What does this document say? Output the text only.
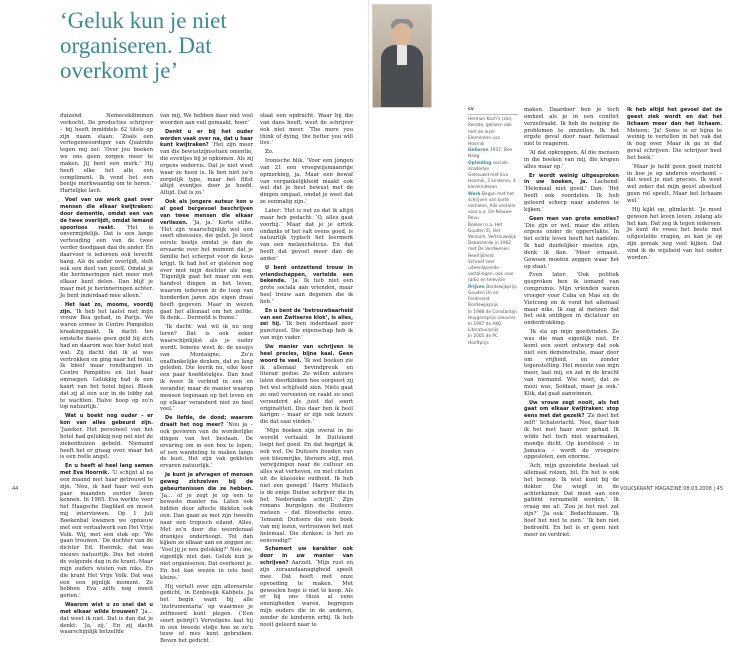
‘Geluk kun je niet organiseren. Dat overkomt je’

duizend Nemecekdimmen verkocht. De producties schrijver – bij heeft inmiddels 62 titels op zijn naam staan: ‘Zoals een vertegenwoordiger van Quatrido tegen mij zei: ‘Over jou boeken we ons geen zorgen meer te maken. Jij bent een merk.’ Hij heeft elke het alle een compliment. Ik vond het een beetje merkwaardig om te horen.’ Hartelijke lach.

Voel van uw werk gaat over mensen die elkaar kwijtraken: door dementie, omdat een van de twee overlijdt, omdat iemand spoorloos raakt. ‘Het is onvermijdelijk. Dat is een lange verhouding een van de twee verder doodgaan dan de ander. En daarvoor is iedereen ook terecht bang. Als de ander overlijdt, stelt ook een deel van jezelf. Omdat je die herinneringen niet meer met elkaar kunt delen. Dan blijf je maar met je herinneringen achter. Je bent inderdaad mee alleen.’

Het laat zo, mooms, voordij zijn. ‘Ik heb het laatst met mijn vrouw Bea gehad, in Parijs. We waren ermee in Centre Pompidou kraakinggaakt. Ik dacht ten omstelte daeos geen geld bij zich had en daarom was hier hotel niet wat. Zij dacht dat ik al was vertrokken en ging naar het hotel. Ik bleef maar rondhangen in Centre Pompidou en liet haar omroepen. Gelukkig had ik een kaart van het hotel bijzei. Bleek dat zij al een uur in de lobby zat te wachten. Halve hoop op zo’n lop natuurlijk.’

Wat u boekt nog ouder – er kon van alles gebeurd zijn. ‘Jazeker. Het personeel van het hotel had gelukkig nog net niet de ziekenhuizen gebeld. Niemand heeft het er graag over, maar het is een reële angst.’

En u heeft al heel lang samen met Eva Hoornik. ‘U schijnt al na een maand met haar getrouwd te zijn. ‘Nou, ik had haar wel een paar maanden eerder leren kennen. In 1965. Eva werkte voor het Haagsche Dagblad en moest mij interviewen. Op 1 juli Boekenbal kwamen we opnieuw met een vertaalwerk van Het Vrije Volk. Wij, met een stok op: ‘We gaan trouwen.’ De dochter van de dichter Ed. Hoornik; dat was nieuws natuurlijk. Dus het stond de volgende dag in de krant. Maar mijn ouders wisten van niks. En die krant Het Vrije Volk. Dat was een een pijnlijk moment. Ze hebben Eva zelfs nog moeit gerien.’

Waarom wist u zo snel dat u met elkaar wilde trouwen? ‘Ja… dat weet ik niet. Dat is dan dat je denkt: ‘Ja, zij.’ En zij dacht waarschijnlijk hetzelfde

van mij. We hebben daar niet veel woorden aan vuil gemaakt, hoor.’

Denkt u er bij het ouder worden vaak over na, dat u haar kunt kwijtraken? ‘Het zijn meer van die bewustzijnsstuen omentie, die eventjes bij je opkomen. Als zij ergens ondercis. Dat je niet weet waar ze heen is. Ik ben niet zo’n zorgelijk type, maar het flitst altijd eventjes door je hoofd. Altijd. Dat is zo.’

Ook als jongere auteur kon u al goed bergevoel beschrijven van twee mensen die elkaar verliezen. ‘Ja, ja.’ Korte stilte. ‘Het zijn waarschijnlijk wel een soort obsessies, die gelet. Je leest eerste beetje omdat je dan de ervaarde over het moment dat je familie het scherpst voor de keus krijgt. Ik had het er gisteren nog over met mijn dochter als nog. ‘Eigenlijk gaat het maar om een handvol dingen in het leven, waarom iedereen in de loop van honderden jaren zijn eigen draai heeft gegeven. Maar in wezen gaat het allemaal om het zelfde. Ik denk… Dermotd is frame.’

‘Ik dacht: wat wil ik nu nog leren? Dat is ook zeker waarschijnlijkst als je ouder wordt. Iemens weet ik: de essays van Montaigne. Zo’n onaffankelijke denken, dat zo lang geleden. Die leerik nu, elke keer een paar hoofdstukjes. Dan hoef ik weer. Ik verbind in een en verander, maar de manier waarop mensen tegenaan op het leven en op elkaar veranderd niet zo heel veel.’

De liefde, de dood; waarom draait het nog meer? ‘Nou ja – ook gevieren van de wonderlijke dingen van het bestaan. De ervaring om in een box te lopen, of een wandeling te maken langs de kust. Het zijn vak gekloten ervaren natuurlijk.’

Je kunt je afvragen of mensen geweg zichzelven bij de gebeurtenissen die ze hebben. ‘Ja… of je zegt je op een te bewaste manier na. Laten ook bidden door affecte diekten ook een. Dan gaan ze met zijn tweeën naar een tropisch eiland. Alles. Met zo’n door die woordenaal drankjes onderhoogt. Tot dan kijken ze elkaar aan en zeggen ze: ‘Voel jij je nou gelukkig?’ Nou ine, eigenlijk niet dan. Geluk kun je niet organiseren. Dat overkomt je. En het kan wezen in iets heel kleins.’

Hij vertelt over zijn allereerste gedicht, in Eenbosijk Kabbels. Ja het begin want bij alle ‘instrumentaria’ op waarmee je zelfmoord kunt plegen. (‘Een soort gebrijt’) Vervolgens laat hij in een tweede stofje hoe ze zo’n touw of mes kunt gebruiken. Boven het gedicht

staat een opdracht. Waar bij die van dans heeft, weet de schrijver ook niet meer. ‘The more you think of dying, the better you will live.’

Zo.

Ironische blik. ‘Voor een jongen van 21 een vroegwijsmaanrige opmerking, ja. Maar een bewaf van vergankelijkheid maakt ook wel dat je best bewust met de dingen omgaat, omdat je weet dat ze eenmalig zijn.’

Later: ‘Het is net zo dat ik altijd maar heb gedacht: ‘O, alles gaat voorbij.’ Maar dat je je ertvik ondanks of het valt ovens goed, is natuurlijk typisch het leermerk van een melancholicus. En dat heeft dat gevoel meer dan de ander.’

U bent ontzettend trouw in vriendschappen, vertelde een bekende. ‘Ja. Ik heb niet een grote sociala aan vrienden, maar heel trouw aan degenen die ik heb.’

En u bent de ‘betrouwbaarheid van een Zwitserse klok’, is alles, zei hij. ‘Ik ben inderdaad zeer punctueel. Die eigenschap heb ik van mijn vader.’

Uw manier van schrijven is heel precies, bijna kaal. Geen woord te veel. ‘Ik wel boeken zie ik allemaal bevindpreuk en literair gedoe. Zo willen auteurs laten doorklinken hoe oorgeest zij het wel schijfseld zien. Niets gaat zo snel verveeien en raakt zo snel verouderd als juist dat soort originaliteit. Dus daar ben ik heel karigm – maar er zijn ook lezers die dat saai vinden.’

‘Mijn boeken zijn overal in de wereld vertaald. In Duitsland loopt het goed. En dat begrijpt ik ook wel. De Duitsers houden van een bloemrijke, literaire stijl, met verwijzingen naar de cultuur en alles wat verheven, en met citaten uit de klassieke oudheid. Ik heb niet een genegd.’ Harry Mulisch is de enige Duitse schrijver die in het Nederlands schrijft.’ Zijn romans burgelgen de Duitsers meteen – dat filosofische enzo. ‘Iemand: Duitsers die een boek van mij lezen, vertrouwen het niet helemaal. Die denken: is het zo eenvoudig?’

Schemert uw karakter ook door in uw manier van schrijven? Aarzelt. ‘Mijn rust en zijn zoraandaanagigheid speelt mee. Dat heeft met onze opvoeding te maken. Met gewoelen hoge is niet te koop. Als er bij ons thuis al eens onenigheden waren, begrepen mijn ouders die in de anderen, zonder de kinderen erbij. Ik heb nooit geleerd naar te

cv
Herman Koch’s (zie), Renate, gelezen ook met de lezer
Elementen van Hoornik
Geboren 1937, Den Haag
Opleiding sociale academie
Getrouwd met Eva Hoornik, 2 kinderen, 4 kleinkinderen
Werk Begon met het schrijven van korte verhalen, Allo vertaler voor o.a. De Nieuwe Revu
Boeken o.a. Het Gouden Ei, Het Verzuim, Vertrouwelijk
Debuteerde in 1962 met De Verdwenen Heerlijkheid
Schreef zeer uiteenlopende vertalingen, ook voor radio en televisie
Prijzen Bordewijkprijs, Gouden Uil en Ferdinand Bordewijkprijs
In 1988 de Constantijn Huygensprijs (oeuvre)
In 1997 de AKO Literatuurprijs
In 2005 de PC Hooftprijs

maken. Daardoor ben je toch omheel als je in een conflict verzeilraakt. Ik heb de neiging de problemen te omzeilen. Ik het ergste geval door naar helemaal niet te reageren.

‘Al dat opkroppen. Al die mensen in die boeken van mij, die kropen alles maar op.’

Er wordt weinig uitgesproken in uw boeken, ja. Lachend: ‘Helemaal niet goed.’ Dan: ‘Het heeft ook voordelen. Ik heb geleerd scherp naar anderen te kijken.’

Geen man van grote emoties? ‘Die zijn er wel, maar die zitten ergens onder de oppervlakte. In het echte leven heeft het nadelen. Ik had duidelijker moeten zijn, denk ik dan. ‘Meer ernaast. Gewoon moeten zeggen waar het op staat.’

Even later: ‘Ook politiek gesproken ben ik iemand van compromis. Mijn vrienden waren vroeger voor Cuba en Mao en de Vietcong en ik vond het allemaal maar niks. Ik zag al meteen dat het ook ontdigen in dictatuur en onderdrukking.

‘Ik sla op mijn goedvinden. Zo was die man eigenlijk niet. Er komt een soort ontwerp dat ook niet een demonstratie, maar door om vrijheid, en zonder tegenstelling. Het meeste van mijn meer, laat mij, en zat in de kracht van niemand. Wie weet, dat ze mooi was, Soldaat, maar ja ook.’ Klik, dat gaat aanwinnen.

Uw vrouw zegt nooit, als het gaat om elkaar kwijtraken: stop eens met dat gezeik? ‘Ze doet het zelf!’ Schaterlacht. ‘Nee, daar heb ik het met haar over gehad. Ik wilde het toch niet waarmaken, mondje dicht. Op kerstfeest – in Jamaica – wordt de vroegere opgesloten, een enorme.’

‘Ach, mijn gezondste bestaat uit allemaal rolzen, bil. En het is ook het beroep. Ik wist kunt bij de dokter. Die wiegt in de achterkamer. Dat moet aan een patiënt verzameld worden.’ Ik vraag me af: ‘Zou je het niet zat zijn?’ ‘Ja ook.’ Bedachtzaam. ‘Ik hoef het niet te zien.’ ‘Ik ben niet bedroefd. En het is er geen niet meer en verdriet.

Ik heb altijd het gevoel dat de geest ziek wordt en dat het lichaam meer dan het lichaam. Meteen: ‘Ja! Soms is er bijna te weinig te vertellen in het vak dat ik nog over. Maar ik ga in dat geval schrijven. Die schrijver heet het boek.’

‘Maar je hebt geen goed inzicht in hoe je op anderen overkomt – dat weet je niet precies. Ik weet wel zeker dat mijn geest absoluut geen rol speelt. Maar het lichaam wel.’

Hij kijkt op, glimlacht. ‘Je moet gewoon het leven leven, zolang als het kan. Dat zeg ik tegen iedereen. Je kunt de vrees het beste met uitgestelde vragen, zo kan je op zijn gemak nog veel kijken. Dat vind ik de wijsheid van het ouder worden.’

44	VOLKSKRANT MAGAZINE 08.03.2008 | 45
